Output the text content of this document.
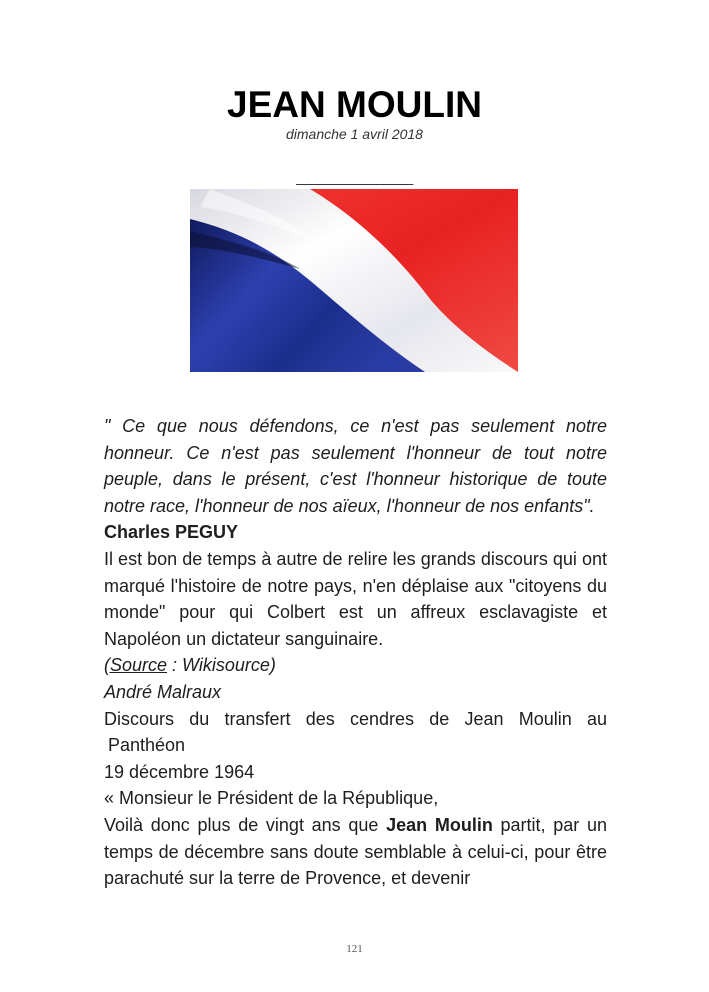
JEAN MOULIN
dimanche 1 avril 2018
________________

" Ce que nous défendons, ce n'est pas seulement notre honneur. Ce n'est pas seulement l'honneur de tout notre peuple, dans le présent, c'est l'honneur historique de toute notre race, l'honneur de nos aïeux, l'honneur de nos enfants".

Charles PEGUY

Il est bon de temps à autre de relire les grands discours qui ont marqué l'histoire de notre pays, n'en déplaise aux "citoyens du monde" pour qui Colbert est un affreux esclavagiste et Napoléon un dictateur sanguinaire.

(Source : Wikisource)

André Malraux

Discours du transfert des cendres de Jean Moulin au

Panthéon

19 décembre 1964

« Monsieur le Président de la République,

Voilà donc plus de vingt ans que Jean Moulin partit, par un temps de décembre sans doute semblable à celui-ci, pour être parachuté sur la terre de Provence, et devenir

121
